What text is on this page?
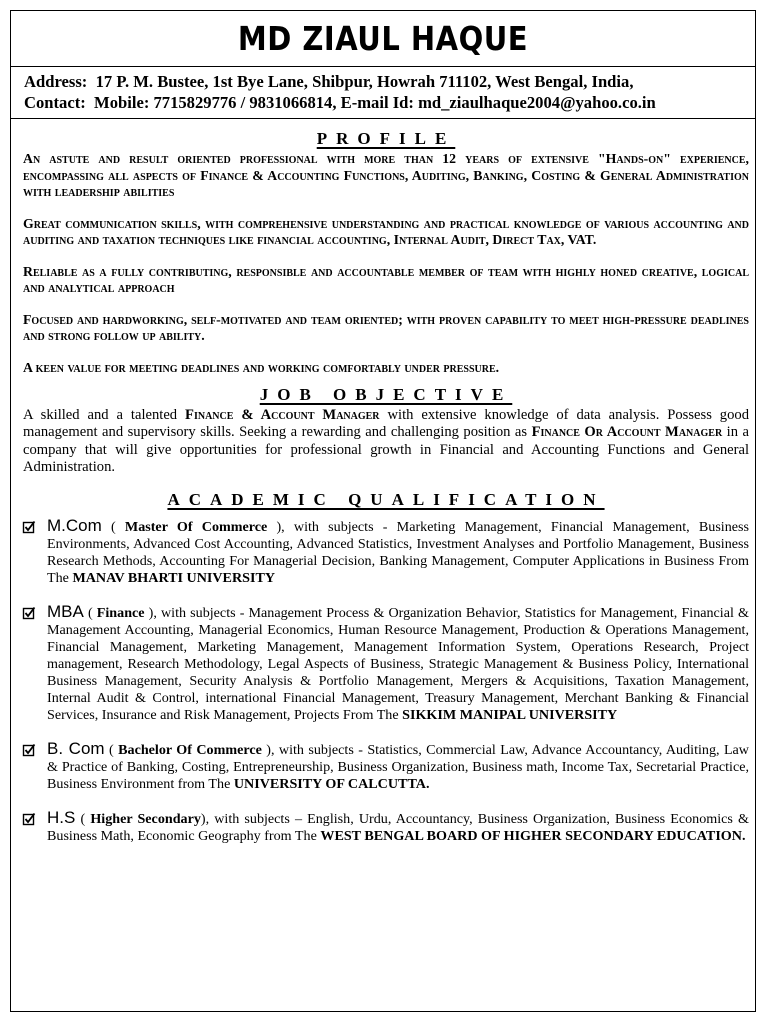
MD ZIAUL HAQUE
Address: 17 P. M. Bustee, 1st Bye Lane, Shibpur, Howrah 711102, West Bengal, India,
Contact: Mobile: 7715829776 / 9831066814, E-mail Id: md_ziaulhaque2004@yahoo.co.in
PROFILE

An astute and result oriented professional with more than 12 years of extensive "Hands-on" experience, encompassing all aspects of Finance & Accounting Functions, Auditing, Banking, Costing & General Administration with leadership abilities

Great communication skills, with comprehensive understanding and practical knowledge of various accounting and auditing and taxation techniques like financial accounting, Internal Audit, Direct Tax, VAT.

Reliable as a fully contributing, responsible and accountable member of team with highly honed creative, logical and analytical approach

Focused and hardworking, self-motivated and team oriented; with proven capability to meet high-pressure deadlines and strong follow up ability.

A keen value for meeting deadlines and working comfortably under pressure.

JOB OBJECTIVE

A skilled and a talented Finance & Account Manager with extensive knowledge of data analysis. Possess good management and supervisory skills. Seeking a rewarding and challenging position as Finance Or Account Manager in a company that will give opportunities for professional growth in Financial and Accounting Functions and General Administration.

ACADEMIC QUALIFICATION
M.Com ( Master Of Commerce ), with subjects - Marketing Management, Financial Management, Business Environments, Advanced Cost Accounting, Advanced Statistics, Investment Analyses and Portfolio Management, Business Research Methods, Accounting For Managerial Decision, Banking Management, Computer Applications in Business From The MANAV BHARTI UNIVERSITY
MBA ( Finance ), with subjects - Management Process & Organization Behavior, Statistics for Management, Financial & Management Accounting, Managerial Economics, Human Resource Management, Production & Operations Management, Financial Management, Marketing Management, Management Information System, Operations Research, Project management, Research Methodology, Legal Aspects of Business, Strategic Management & Business Policy, International Business Management, Security Analysis & Portfolio Management, Mergers & Acquisitions, Taxation Management, Internal Audit & Control, international Financial Management, Treasury Management, Merchant Banking & Financial Services, Insurance and Risk Management, Projects From The SIKKIM MANIPAL UNIVERSITY
B. Com ( Bachelor Of Commerce ), with subjects - Statistics, Commercial Law, Advance Accountancy, Auditing, Law & Practice of Banking, Costing, Entrepreneurship, Business Organization, Business math, Income Tax, Secretarial Practice, Business Environment from The UNIVERSITY OF CALCUTTA.
H.S ( Higher Secondary), with subjects – English, Urdu, Accountancy, Business Organization, Business Economics & Business Math, Economic Geography from The WEST BENGAL BOARD OF HIGHER SECONDARY EDUCATION.
